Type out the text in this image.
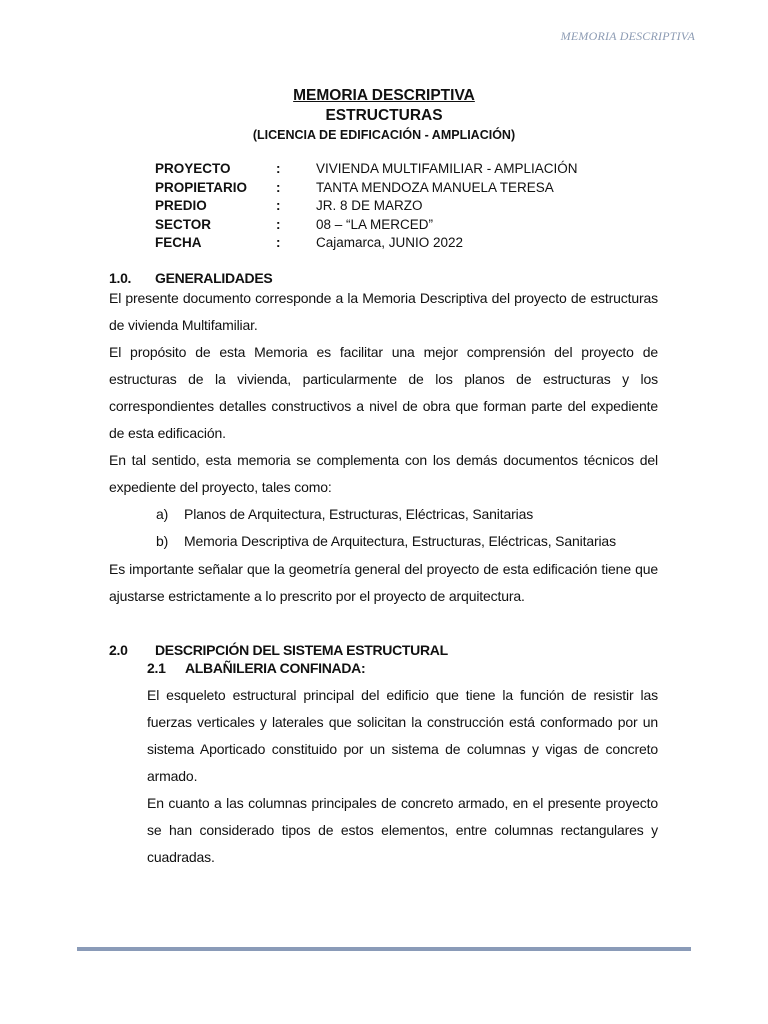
MEMORIA DESCRIPTIVA
MEMORIA DESCRIPTIVA
ESTRUCTURAS
(LICENCIA DE EDIFICACIÓN - AMPLIACIÓN)
PROYECTO	:	VIVIENDA MULTIFAMILIAR - AMPLIACIÓN
PROPIETARIO :	TANTA MENDOZA MANUELA TERESA
PREDIO	:	JR. 8 DE MARZO
SECTOR	:	08 – “LA MERCED”
FECHA	:	Cajamarca, JUNIO 2022
1.0. GENERALIDADES
El presente documento corresponde a la Memoria Descriptiva del proyecto de estructuras de vivienda Multifamiliar.
El propósito de esta Memoria es facilitar una mejor comprensión del proyecto de estructuras de la vivienda, particularmente de los planos de estructuras y los correspondientes detalles constructivos a nivel de obra que forman parte del expediente de esta edificación.
En tal sentido, esta memoria se complementa con los demás documentos técnicos del expediente del proyecto, tales como:
a) Planos de Arquitectura, Estructuras, Eléctricas, Sanitarias
b) Memoria Descriptiva de Arquitectura, Estructuras, Eléctricas, Sanitarias
Es importante señalar que la geometría general del proyecto de esta edificación tiene que ajustarse estrictamente a lo prescrito por el proyecto de arquitectura.
2.0 DESCRIPCIÓN DEL SISTEMA ESTRUCTURAL
2.1 ALBAÑILERIA CONFINADA:
El esqueleto estructural principal del edificio que tiene la función de resistir las fuerzas verticales y laterales que solicitan la construcción está conformado por un sistema Aporticado constituido por un sistema de columnas y vigas de concreto armado.
En cuanto a las columnas principales de concreto armado, en el presente proyecto se han considerado tipos de estos elementos, entre columnas rectangulares y cuadradas.
